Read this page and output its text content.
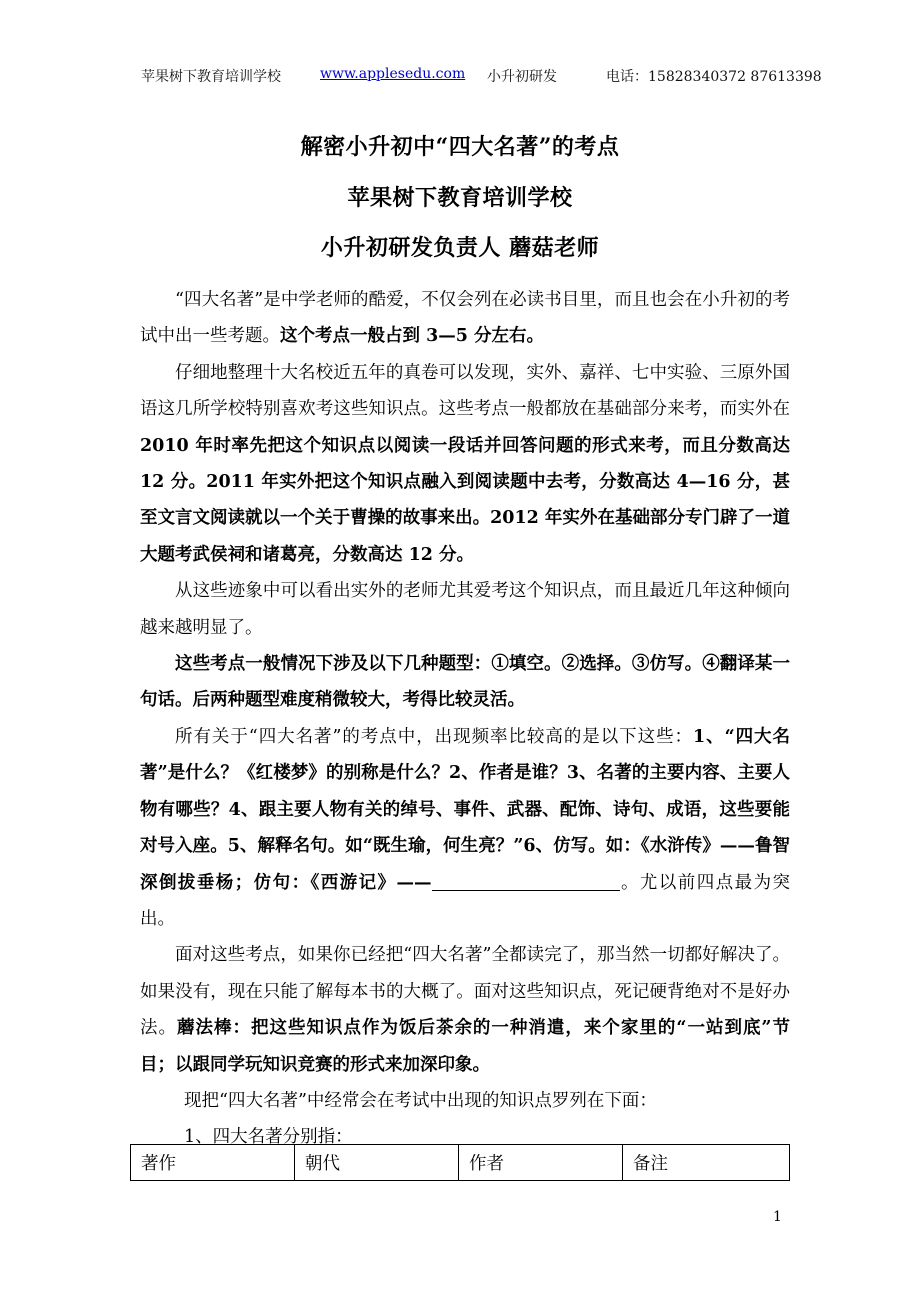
苹果树下教育培训学校	www.applesedu.com 小升初研发	电话：15828340372 87613398
解密小升初中“四大名著”的考点
苹果树下教育培训学校
小升初研发负责人 蘑菇老师

“四大名著”是中学老师的酷爱，不仅会列在必读书目里，而且也会在小升初的考试中出一些考题。这个考点一般占到 3—5 分左右。

仔细地整理十大名校近五年的真卷可以发现，实外、嘉祥、七中实验、三原外国语这几所学校特别喜欢考这些知识点。这些考点一般都放在基础部分来考，而实外在2010 年时率先把这个知识点以阅读一段话并回答问题的形式来考，而且分数高达 12 分。2011 年实外把这个知识点融入到阅读题中去考，分数高达 4—16 分，甚至文言文阅读就以一个关于曹操的故事来出。2012 年实外在基础部分专门辟了一道大题考武侯祠和诸葛亮，分数高达 12 分。

从这些迹象中可以看出实外的老师尤其爱考这个知识点，而且最近几年这种倾向越来越明显了。

这些考点一般情况下涉及以下几种题型：①填空。②选择。③仿写。④翻译某一句话。后两种题型难度稍微较大，考得比较灵活。

所有关于“四大名著”的考点中，出现频率比较高的是以下这些：1、“四大名著”是什么？《红楼梦》的别称是什么？2、作者是谁？3、名著的主要内容、主要人物有哪些？4、跟主要人物有关的绰号、事件、武器、配饰、诗句、成语，这些要能对号入座。5、解释名句。如“既生瑜，何生亮？”6、仿写。如：《水浒传》——鲁智深倒拔垂杨；仿句：《西游记》——	。尤以前四点最为突出。

面对这些考点，如果你已经把“四大名著”全都读完了，那当然一切都好解决了。如果没有，现在只能了解每本书的大概了。面对这些知识点，死记硬背绝对不是好办法。蘑法棒：把这些知识点作为饭后茶余的一种消遣，来个家里的“一站到底”节目；以跟同学玩知识竞赛的形式来加深印象。

现把“四大名著”中经常会在考试中出现的知识点罗列在下面：

1、四大名著分别指：

著作	朝代	作者	备注
1
